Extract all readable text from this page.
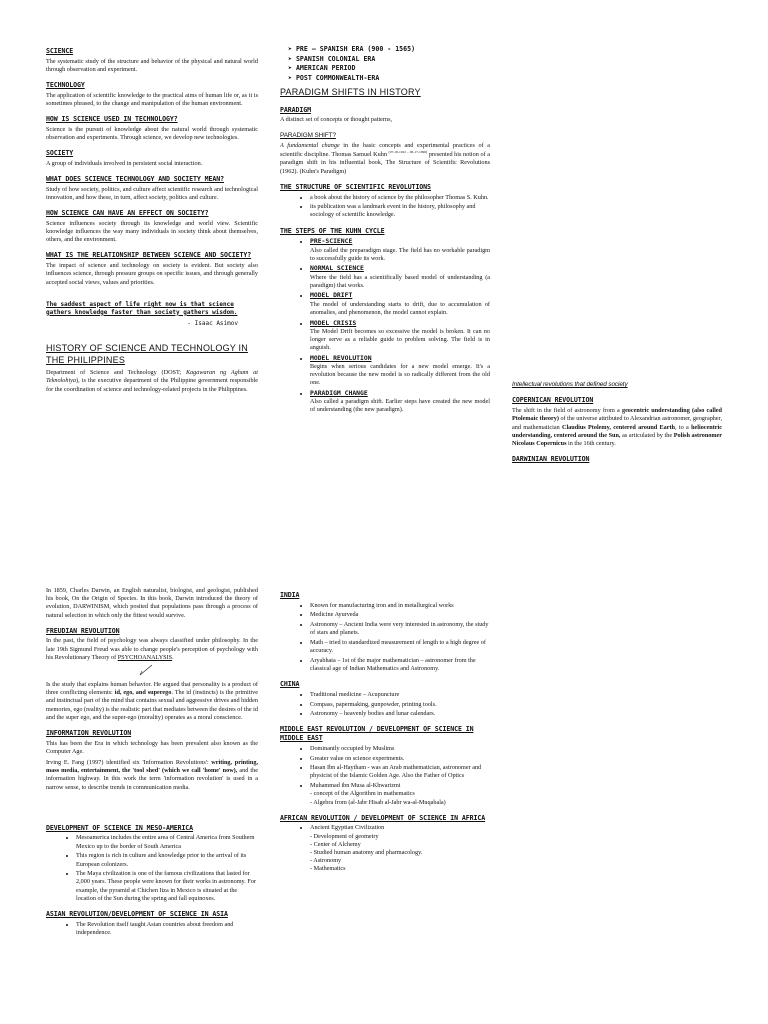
SCIENCE

The systematic study of the structure and behavior of the physical and natural world through observation and experiment.

TECHNOLOGY

The application of scientific knowledge to the practical aims of human life or, as it is sometimes phrased, to the change and manipulation of the human environment.

HOW IS SCIENCE USED IN TECHNOLOGY?

Science is the pursuit of knowledge about the natural world through systematic observation and experiments. Through science, we develop new technologies.

SOCIETY

A group of individuals involved in persistent social interaction.

WHAT DOES SCIENCE TECHNOLOGY AND SOCIETY MEAN?

Study of how society, politics, and culture affect scientific research and technological innovation, and how these, in turn, affect society, politics and culture.

HOW SCIENCE CAN HAVE AN EFFECT ON SOCIETY?

Science influences society through its knowledge and world view. Scientific knowledge influences the way many individuals in society think about themselves, others, and the environment.

WHAT IS THE RELATIONSHIP BETWEEN SCIENCE AND SOCIETY?

The impact of science and technology on society is evident. But society also influences science, through pressure groups on specific issues, and through generally accepted social views, values and priorities.

The saddest aspect of life right now is that science gathers knowledge faster than society gathers wisdom.
- Isaac Asimov
HISTORY OF SCIENCE AND TECHNOLOGY IN THE PHILIPPINES

Department of Science and Technology (DOST; Kagawaran ng Agham at Teknolohiya), is the executive department of the Philippine government responsible for the coordination of science and technology-related projects in the Philippines.

➤ PRE – SPANISH ERA (900 - 1565)
➤ SPANISH COLONIAL ERA
➤ AMERICAN PERIOD
➤ POST COMMONWEALTH-ERA
PARADIGM SHIFTS IN HISTORY
PARADIGM

A distinct set of concepts or thought patterns,

PARADIGM SHIFT?

A fundamental change in the basic concepts and experimental practices of a scientific discipline. Thomas Samuel Kuhn $^{(07-18-1922 - 06-17-1996)}$ presented his notion of a paradigm shift in his influential book, The Structure of Scientific Revolutions (1962). (Kuhn's Paradigm)

THE STRUCTURE OF SCIENTIFIC REVOLUTIONS
• a book about the history of science by the philosopher Thomas S. Kuhn.
• its publication was a landmark event in the history, philosophy and sociology of scientific knowledge.
THE STEPS OF THE KUHN CYCLE
• PRE-SCIENCE
Also called the preparadigm stage. The field has no workable paradigm to successfully guide its work.
• NORMAL SCIENCE
Where the field has a scientifically based model of understanding (a paradigm) that works.
• MODEL DRIFT
The model of understanding starts to drift, due to accumulation of anomalies, and phenomenon, the model cannot explain.
• MODEL CRISIS
The Model Drift becomes so excessive the model is broken. It can no longer serve as a reliable guide to problem solving. The field is in anguish.
• MODEL REVOLUTION
Begins when serious candidates for a new model emerge. It's a revolution because the new model is so radically different from the old one.
• PARADIGM CHANGE
Also called a paradigm shift. Earlier steps have created the new model of understanding (the new paradigm).
Intellectual revolutions that defined society
COPERNICAN REVOLUTION

The shift in the field of astronomy from a geocentric understanding (also called Ptolemaic theory) of the universe attributed to Alexandrian astronomer, geographer, and mathematician Claudius Ptolemy, centered around Earth, to a heliocentric understanding, centered around the Sun, as articulated by the Polish astronomer Nicolaus Copernicus in the 16th century.

DARWINIAN REVOLUTION

In 1859, Charles Darwin, an English naturalist, biologist, and geologist, published his book, On the Origin of Species. In this book, Darwin introduced the theory of evolution, DARWINISM, which posited that populations pass through a process of natural selection in which only the fittest would survive.

FREUDIAN REVOLUTION

In the past, the field of psychology was always classified under philosophy. In the late 19th Sigmund Freud was able to change people's perception of psychology with his Revolutionary Theory of PSYCHOANALYSIS.

Is the study that explains human behavior. He argued that personality is a product of three conflicting elements: id, ego, and superego. The id (instincts) is the primitive and instinctual part of the mind that contains sexual and aggressive drives and hidden memories, ego (reality) is the realistic part that mediates between the desires of the id and the super ego, and the super-ego (morality) operates as a moral conscience.

INFORMATION REVOLUTION

This has been the Era in which technology has been prevalent also known as the Computer Age.

Irving E. Fang (1997) identified six 'Information Revolutions': writing, printing, mass media, entertainment, the 'tool shed' (which we call 'home' now), and the information highway. In this work the term 'information revolution' is used in a narrow sense, to describe trends in communication media.

DEVELOPMENT OF SCIENCE IN MESO-AMERICA
• Mesoamerica includes the entire area of Central America from Southern Mexico up to the border of South America
• This region is rich in culture and knowledge prior to the arrival of its European colonizers.
• The Maya civilization is one of the famous civilizations that lasted for 2,000 years. These people were known for their works in astronomy. For example, the pyramid at Chichen Itza in Mexico is situated at the location of the Sun during the spring and fall equinoxes.
ASIAN REVOLUTION/DEVELOPMENT OF SCIENCE IN ASIA
• The Revolution itself taught Asian countries about freedom and independence.
INDIA
• Known for manufacturing iron and in metallurgical works
• Medicine Ayurveda
• Astronomy – Ancient India were very interested in astronomy, the study of stars and planets.
• Math – tried to standardized measurement of length to a high degree of accuracy.
• Aryabhata – 1st of the major mathematician – astronomer from the classical age of Indian Mathematics and Astronomy.
CHINA
• Traditional medicine – Acupuncture
• Compass, papermaking, gunpowder, printing tools.
• Astronomy – heavenly bodies and lunar calendars.
MIDDLE EAST REVOLUTION / DEVELOPMENT OF SCIENCE IN MIDDLE EAST
• Dominantly occupied by Muslims
• Greater value on science experiments.
• Hasan Ibn al-Haytham - was an Arab mathematician, astronomer and physicist of the Islamic Golden Age. Also the Father of Optics
• Muhammad ibn Musa al-Khwarizmi
- concept of the Algorithm in mathematics
- Algebra from (al-Jabr Hisab al-Jabr wa-al-Muqabala)
AFRICAN REVOLUTION / DEVELOPMENT OF SCIENCE IN AFRICA
• Ancient Egyptian Civilization
- Development of geometry
- Center of Alchemy
- Studied human anatomy and pharmacology.
- Astronomy
- Mathematics
